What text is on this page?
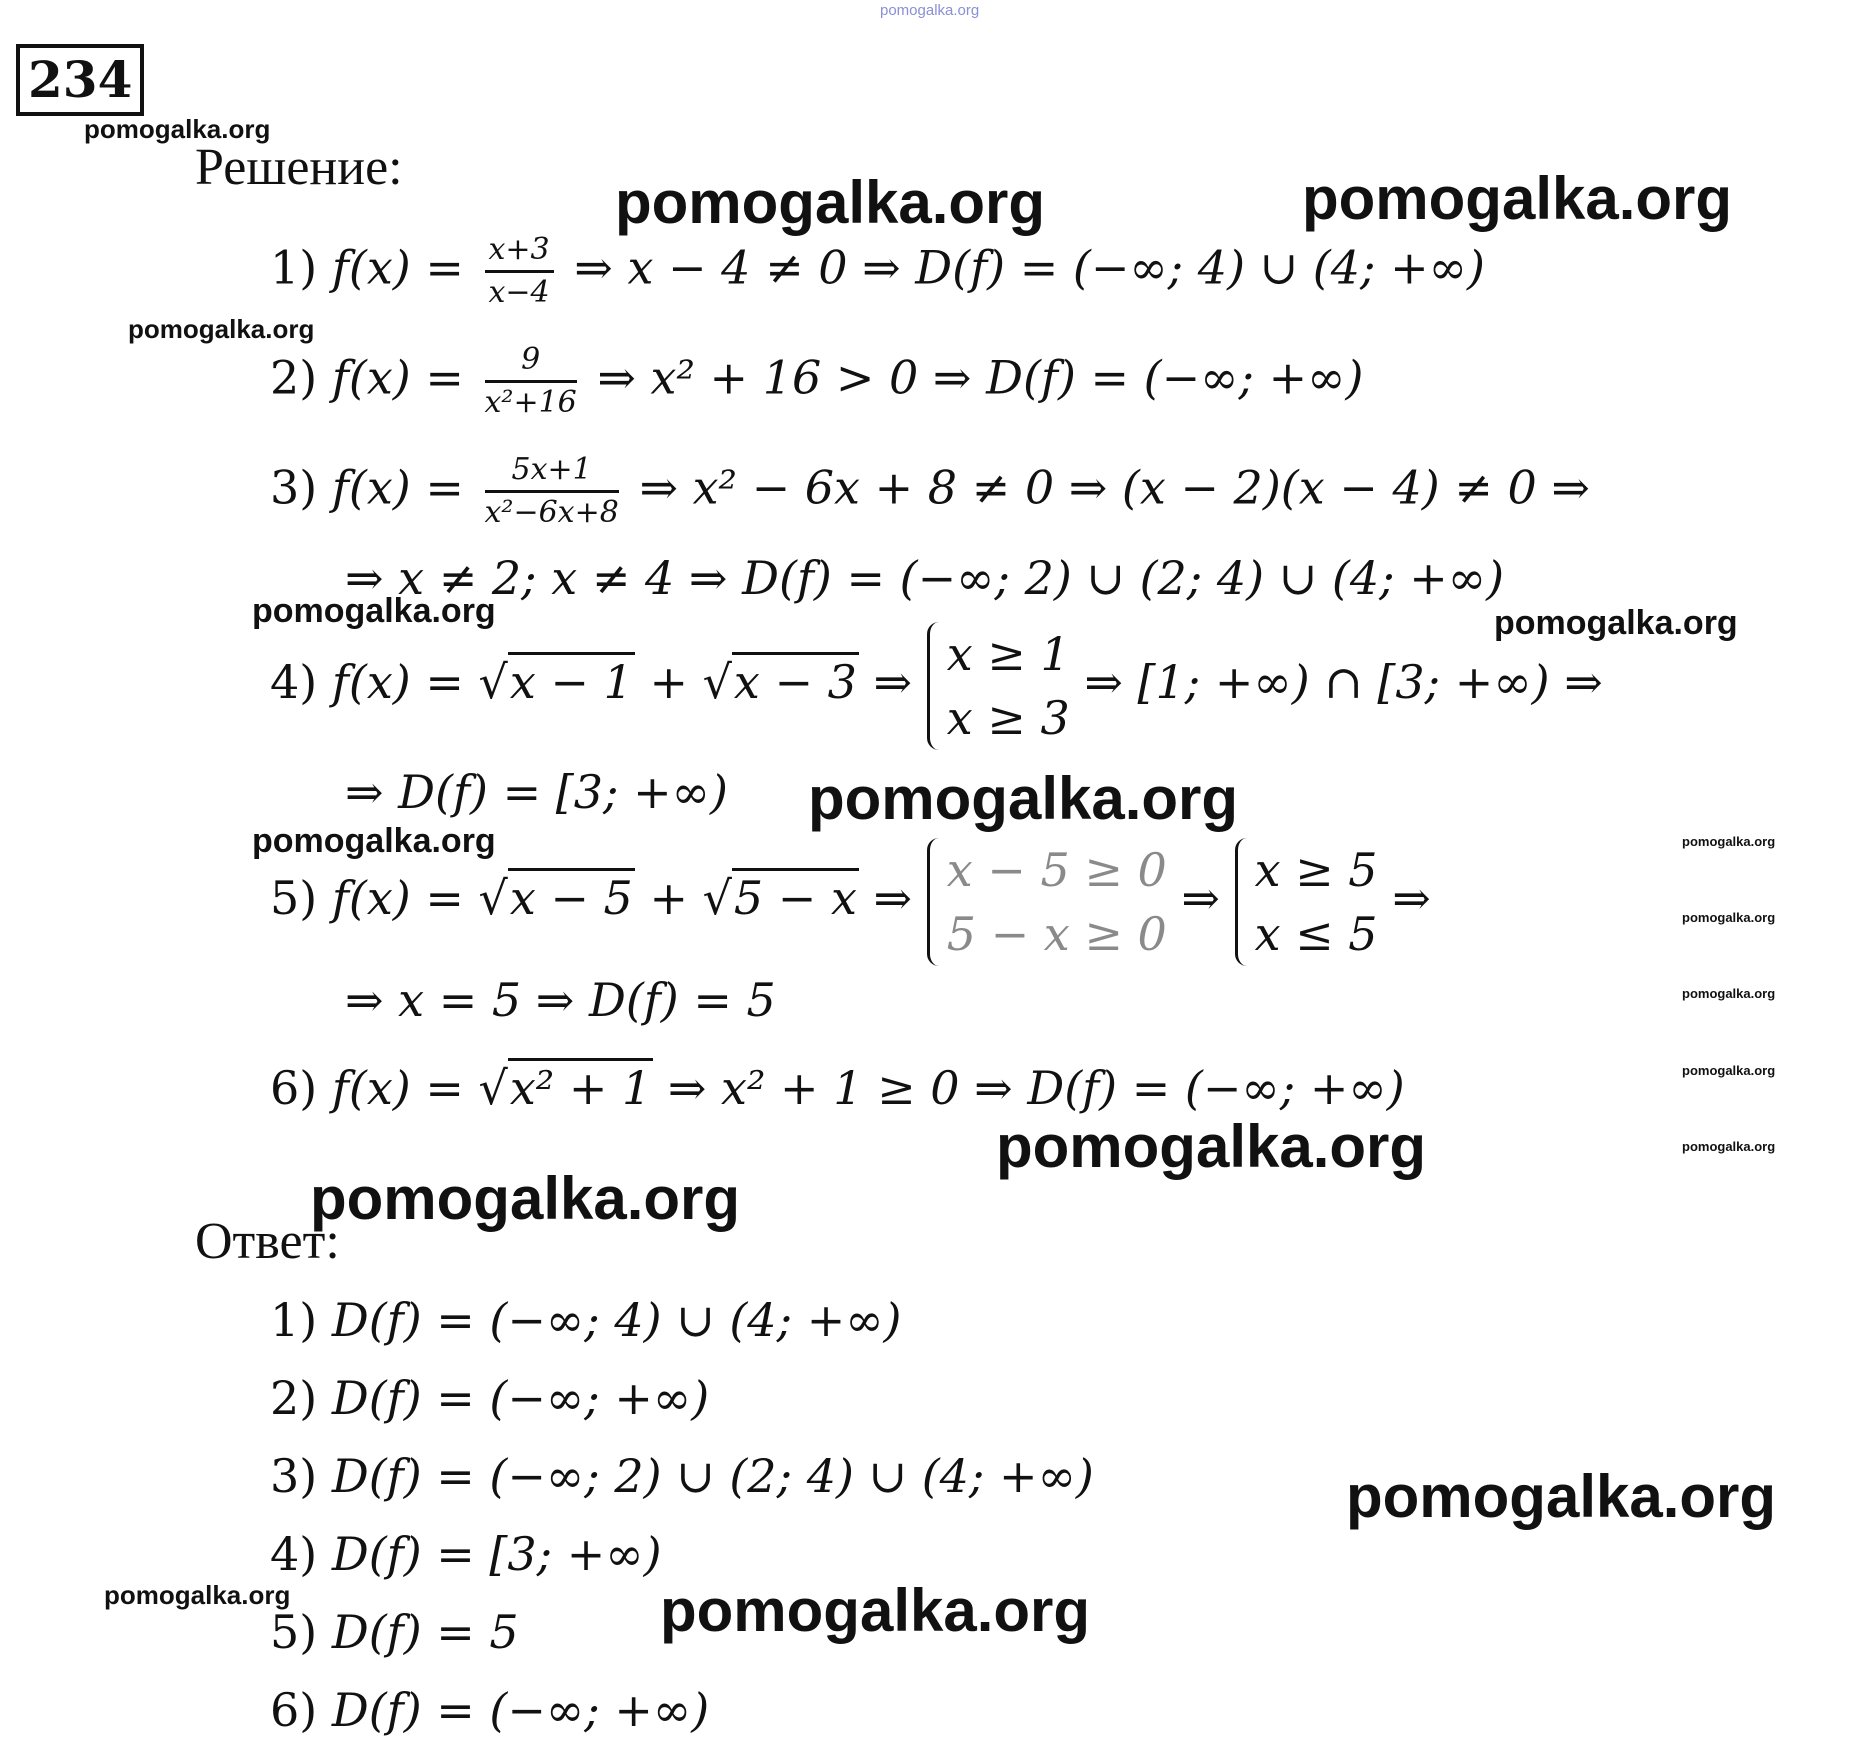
pomogalka.org
234
Решение:
1) $f(x) = \frac{x+3}{x-4}$ ⇒ x − 4 ≠ 0 ⇒ D(f) = (−∞; 4) ∪ (4; +∞)
2) $f(x) = \frac{9}{\text{x²+16}}$ ⇒ x² + 16 > 0 ⇒ D(f) = (−∞; +∞)
3) $f(x) = \frac{5x+1}{\text{x²−6x+8}}$ ⇒ x² − 6x + 8 ≠ 0 ⇒ (x − 2)(x − 4) ≠ 0 ⇒
⇒ x ≠ 2; x ≠ 4 ⇒ D(f) = (−∞; 2) ∪ (2; 4) ∪ (4; +∞)
4) f(x) = √x − 1 + √x − 3 ⇒
x ≥ 1
x ≥ 3
⇒ [1; +∞) ∩ [3; +∞) ⇒
⇒ D(f) = [3; +∞)
5) f(x) = √x − 5 + √5 − x ⇒
x − 5 ≥ 0
5 − x ≥ 0
⇒
x ≥ 5
x ≤ 5
⇒
⇒ x = 5 ⇒ D(f) = 5
6) f(x) = √x² + 1 ⇒ x² + 1 ≥ 0 ⇒ D(f) = (−∞; +∞)
Ответ:
1) D(f) = (−∞; 4) ∪ (4; +∞)
2) D(f) = (−∞; +∞)
3) D(f) = (−∞; 2) ∪ (2; 4) ∪ (4; +∞)
4) D(f) = [3; +∞)
5) D(f) = 5
6) D(f) = (−∞; +∞)
pomogalka.org
pomogalka.org	pomogalka.org
pomogalka.org
pomogalka.org	pomogalka.org
pomogalka.org
pomogalka.org	pomogalka.org
pomogalka.org
pomogalka.org
pomogalka.org
pomogalka.org
pomogalka.org
pomogalka.org
pomogalka.org
pomogalka.org	pomogalka.org
